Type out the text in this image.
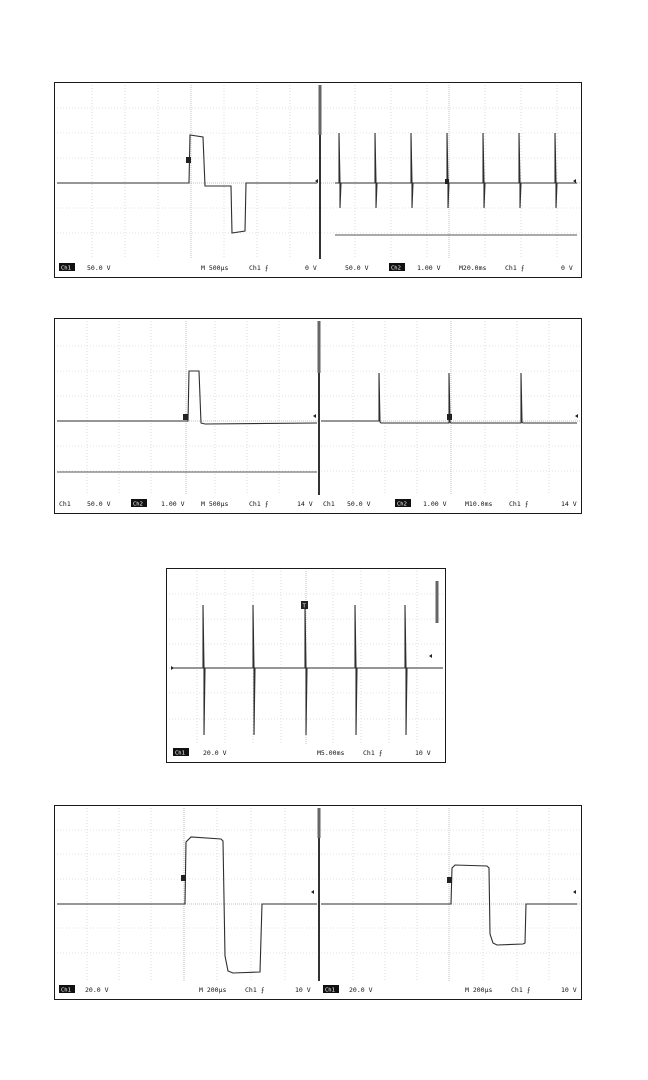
Ch1 50.0 V	M 500µs	Ch1 ⨍	0 V	50.0 V	Ch2 1.00 V	M20.0ms	Ch1 ⨍	0 V
Ch1	50.0 V	Ch2	1.00 V	M 500µs	Ch1 ⨍	14 V Ch1 50.0 V	Ch2 1.00 V	M10.0ms	Ch1 ⨍	14 V
T
Ch1	20.0 V	M5.00ms	Ch1 ⨍	10 V
Ch1 20.0 V	M 200µs	Ch1 ⨍	10 V	Ch1 20.0 V	M 200µs	Ch1 ⨍	10 V
